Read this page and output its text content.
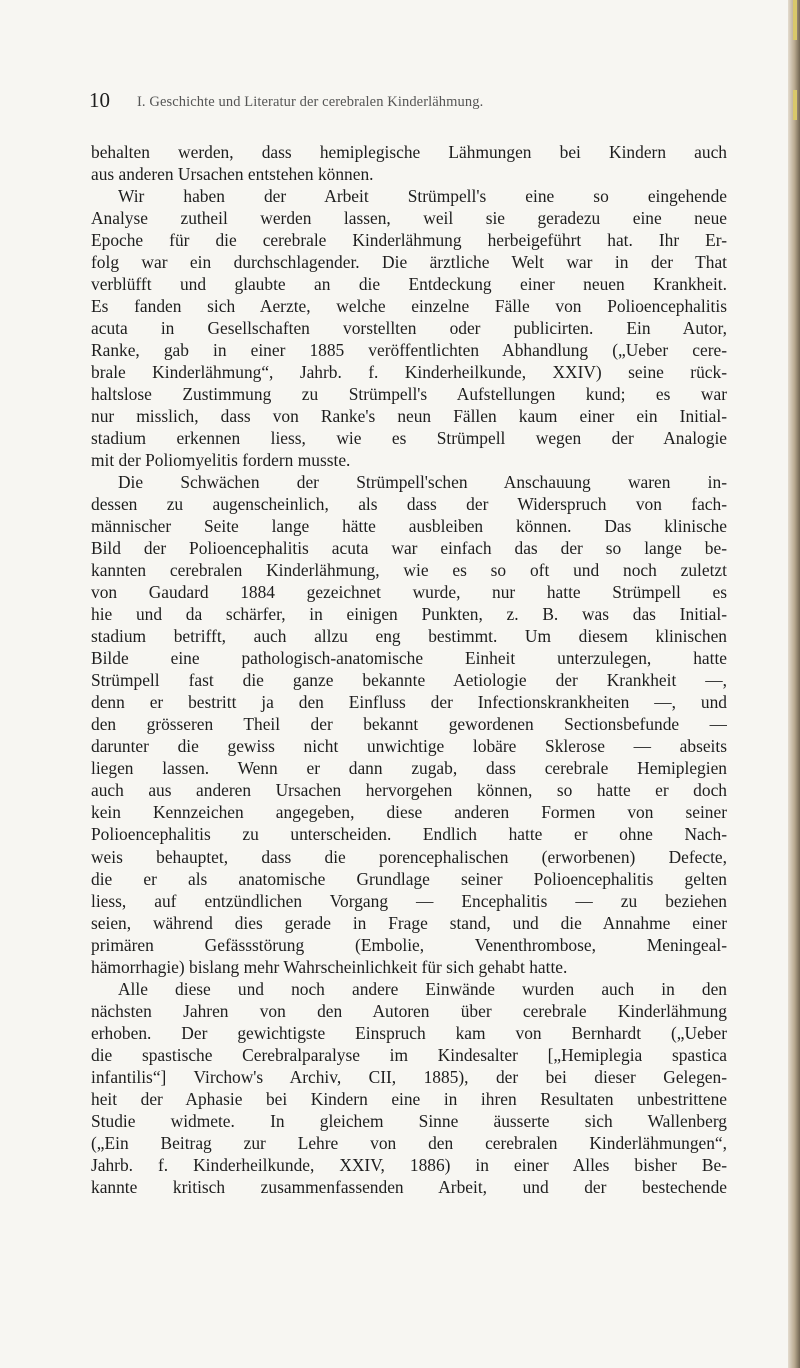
10 I. Geschichte und Literatur der cerebralen Kinderlähmung.
behalten werden, dass hemiplegische Lähmungen bei Kindern auch
aus anderen Ursachen entstehen können.
Wir haben der Arbeit Strümpell's eine so eingehende
Analyse zutheil werden lassen, weil sie geradezu eine neue
Epoche für die cerebrale Kinderlähmung herbeigeführt hat. Ihr Er-
folg war ein durchschlagender. Die ärztliche Welt war in der That
verblüfft und glaubte an die Entdeckung einer neuen Krankheit.
Es fanden sich Aerzte, welche einzelne Fälle von Polioencephalitis
acuta in Gesellschaften vorstellten oder publicirten. Ein Autor,
Ranke, gab in einer 1885 veröffentlichten Abhandlung („Ueber cere-
brale Kinderlähmung“, Jahrb. f. Kinderheilkunde, XXIV) seine rück-
haltslose Zustimmung zu Strümpell's Aufstellungen kund; es war
nur misslich, dass von Ranke's neun Fällen kaum einer ein Initial-
stadium erkennen liess, wie es Strümpell wegen der Analogie
mit der Poliomyelitis fordern musste.
Die Schwächen der Strümpell'schen Anschauung waren in-
dessen zu augenscheinlich, als dass der Widerspruch von fach-
männischer Seite lange hätte ausbleiben können. Das klinische
Bild der Polioencephalitis acuta war einfach das der so lange be-
kannten cerebralen Kinderlähmung, wie es so oft und noch zuletzt
von Gaudard 1884 gezeichnet wurde, nur hatte Strümpell es
hie und da schärfer, in einigen Punkten, z. B. was das Initial-
stadium betrifft, auch allzu eng bestimmt. Um diesem klinischen
Bilde eine pathologisch-anatomische Einheit unterzulegen, hatte
Strümpell fast die ganze bekannte Aetiologie der Krankheit —,
denn er bestritt ja den Einfluss der Infectionskrankheiten —, und
den grösseren Theil der bekannt gewordenen Sectionsbefunde —
darunter die gewiss nicht unwichtige lobäre Sklerose — abseits
liegen lassen. Wenn er dann zugab, dass cerebrale Hemiplegien
auch aus anderen Ursachen hervorgehen können, so hatte er doch
kein Kennzeichen angegeben, diese anderen Formen von seiner
Polioencephalitis zu unterscheiden. Endlich hatte er ohne Nach-
weis behauptet, dass die porencephalischen (erworbenen) Defecte,
die er als anatomische Grundlage seiner Polioencephalitis gelten
liess, auf entzündlichen Vorgang — Encephalitis — zu beziehen
seien, während dies gerade in Frage stand, und die Annahme einer
primären Gefässstörung (Embolie, Venenthrombose, Meningeal-
hämorrhagie) bislang mehr Wahrscheinlichkeit für sich gehabt hatte.
Alle diese und noch andere Einwände wurden auch in den
nächsten Jahren von den Autoren über cerebrale Kinderlähmung
erhoben. Der gewichtigste Einspruch kam von Bernhardt („Ueber
die spastische Cerebralparalyse im Kindesalter [„Hemiplegia spastica
infantilis“] Virchow's Archiv, CII, 1885), der bei dieser Gelegen-
heit der Aphasie bei Kindern eine in ihren Resultaten unbestrittene
Studie widmete. In gleichem Sinne äusserte sich Wallenberg
(„Ein Beitrag zur Lehre von den cerebralen Kinderlähmungen“,
Jahrb. f. Kinderheilkunde, XXIV, 1886) in einer Alles bisher Be-
kannte kritisch zusammenfassenden Arbeit, und der bestechende
